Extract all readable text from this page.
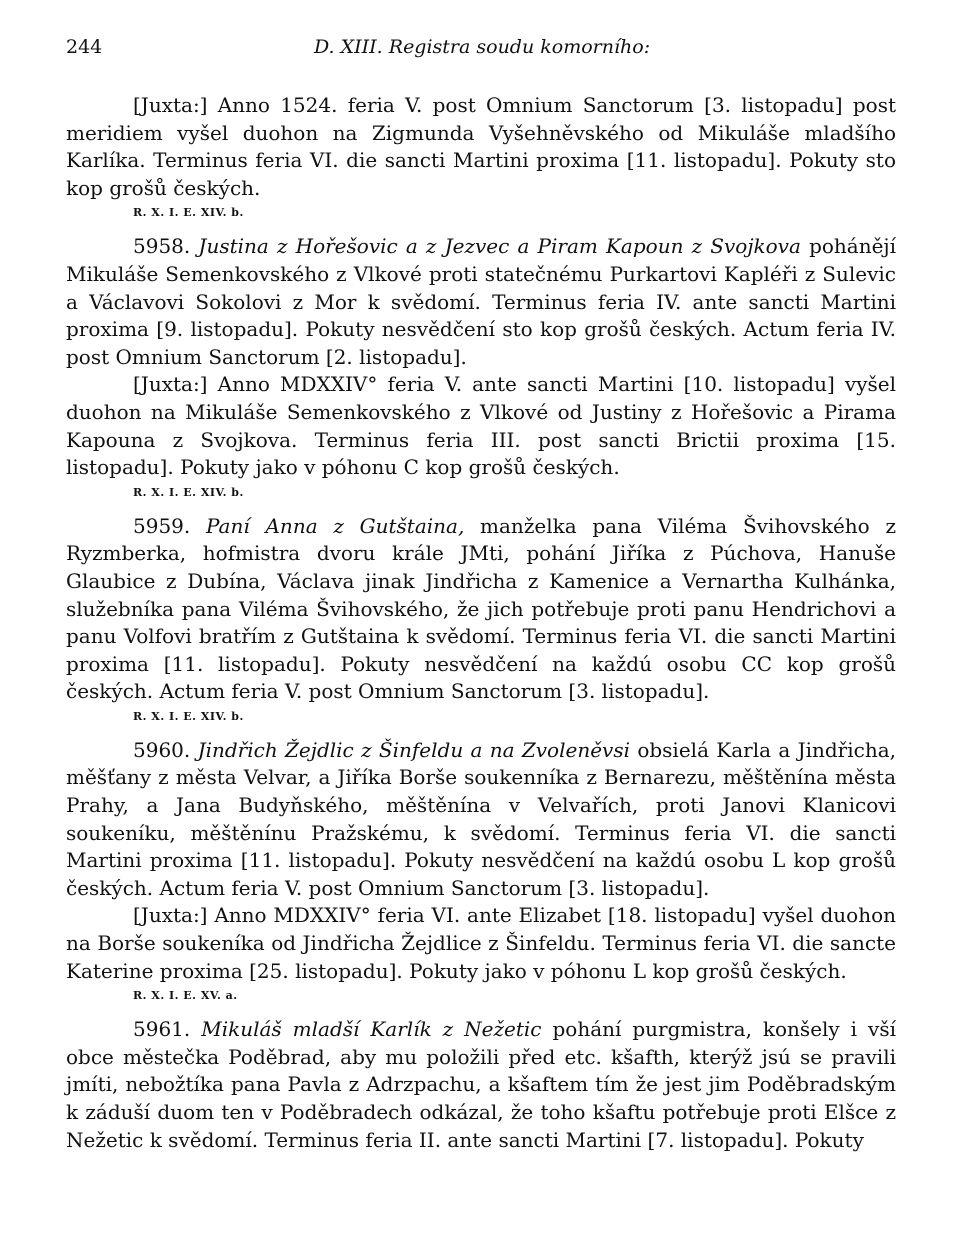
244	D. XIII. Registra soudu komorního:

[Juxta:] Anno 1524. feria V. post Omnium Sanctorum [3. listopadu] post meridiem vyšel duohon na Zigmunda Vyšehněvského od Mikuláše mladšího Karlíka. Terminus feria VI. die sancti Martini proxima [11. listopadu]. Pokuty sto kop grošů českých.

R. X. I. E. XIV. b.

5958. Justina z Hořešovic a z Jezvec a Piram Kapoun z Svojkova pohánějí Mikuláše Semenkovského z Vlkové proti statečnému Purkartovi Kapléři z Sulevic a Václavovi Sokolovi z Mor k svědomí. Terminus feria IV. ante sancti Martini proxima [9. listopadu]. Pokuty nesvědčení sto kop grošů českých. Actum feria IV. post Omnium Sanctorum [2. listopadu].

[Juxta:] Anno MDXXIV° feria V. ante sancti Martini [10. listopadu] vyšel duohon na Mikuláše Semenkovského z Vlkové od Justiny z Hořešovic a Pirama Kapouna z Svojkova. Terminus feria III. post sancti Brictii proxima [15. listopadu]. Pokuty jako v póhonu C kop grošů českých.

R. X. I. E. XIV. b.

5959. Paní Anna z Gutštaina, manželka pana Viléma Švihovského z Ryzmberka, hofmistra dvoru krále JMti, pohání Jiříka z Púchova, Hanuše Glaubice z Dubína, Václava jinak Jindřicha z Kamenice a Vernartha Kulhánka, služebníka pana Viléma Švihovského, že jich potřebuje proti panu Hendrichovi a panu Volfovi bratřím z Gutštaina k svědomí. Terminus feria VI. die sancti Martini proxima [11. listopadu]. Pokuty nesvědčení na každú osobu CC kop grošů českých. Actum feria V. post Omnium Sanctorum [3. listopadu].

R. X. I. E. XIV. b.

5960. Jindřich Žejdlic z Šinfeldu a na Zvoleněvsi obsielá Karla a Jindřicha, měšťany z města Velvar, a Jiříka Borše soukenníka z Bernarezu, měštěnína města Prahy, a Jana Budyňského, měštěnína v Velvařích, proti Janovi Klanicovi soukeníku, měštěnínu Pražskému, k svědomí. Terminus feria VI. die sancti Martini proxima [11. listopadu]. Pokuty nesvědčení na každú osobu L kop grošů českých. Actum feria V. post Omnium Sanctorum [3. listopadu].

[Juxta:] Anno MDXXIV° feria VI. ante Elizabet [18. listopadu] vyšel duohon na Borše soukeníka od Jindřicha Žejdlice z Šinfeldu. Terminus feria VI. die sancte Katerine proxima [25. listopadu]. Pokuty jako v póhonu L kop grošů českých.

R. X. I. E. XV. a.

5961. Mikuláš mladší Karlík z Nežetic pohání purgmistra, konšely i vší obce městečka Poděbrad, aby mu položili před etc. kšafth, kterýž jsú se pravili jmíti, nebožtíka pana Pavla z Adrzpachu, a kšaftem tím že jest jim Poděbradským k záduší duom ten v Poděbradech odkázal, že toho kšaftu potřebuje proti Elšce z Nežetic k svědomí. Terminus feria II. ante sancti Martini [7. listopadu]. Pokuty
